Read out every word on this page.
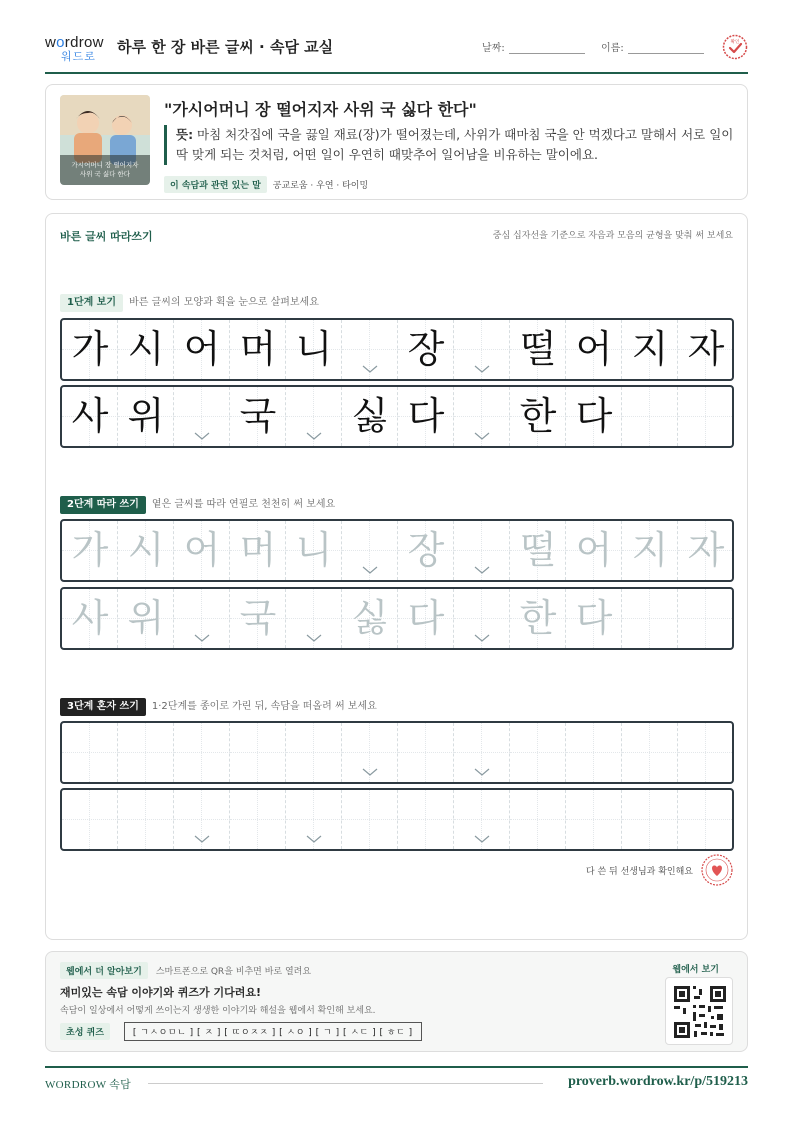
wordrow
워드로
하루 한 장 바른 글씨 · 속담 교실	날짜:	이름:
확인
가시어머니 장 떨어지자
사위 국 싫다 한다
"가시어머니 장 떨어지자 사위 국 싫다 한다"
뜻: 마침 처갓집에 국을 끓일 재료(장)가 떨어졌는데, 사위가 때마침 국을 안 먹겠다고 말해서 서로 일이 딱 맞게 되는 것처럼, 어떤 일이 우연히 때맞추어 일어남을 비유하는 말이에요.
이 속담과 관련 있는 말 공교로움 · 우연 · 타이밍
바른 글씨 따라쓰기	중심 십자선을 기준으로 자음과 모음의 균형을 맞춰 써 보세요
1단계 보기 바른 글씨의 모양과 획을 눈으로 살펴보세요
가 시 어 머 니 장 떨 어 지 자
사 위 국 싫 다 한 다
2단계 따라 쓰기 옅은 글씨를 따라 연필로 천천히 써 보세요
가 시 어 머 니 장 떨 어 지 자
사 위 국 싫 다 한 다
3단계 혼자 쓰기 1·2단계를 종이로 가린 뒤, 속담을 떠올려 써 보세요
다 쓴 뒤 선생님과 확인해요
웹에서 더 알아보기 스마트폰으로 QR을 비추면 바로 열려요
재미있는 속담 이야기와 퀴즈가 기다려요!
속담이 일상에서 어떻게 쓰이는지 생생한 이야기와 해설을 웹에서 확인해 보세요.
초성 퀴즈	[ ㄱㅅㅇㅁㄴ ] [ ㅈ ] [ ㄸㅇㅈㅈ ] [ ㅅㅇ ] [ ㄱ ] [ ㅅㄷ ] [ ㅎㄷ ]
웹에서 보기
WORDROW 속담	proverb.wordrow.kr/p/519213
